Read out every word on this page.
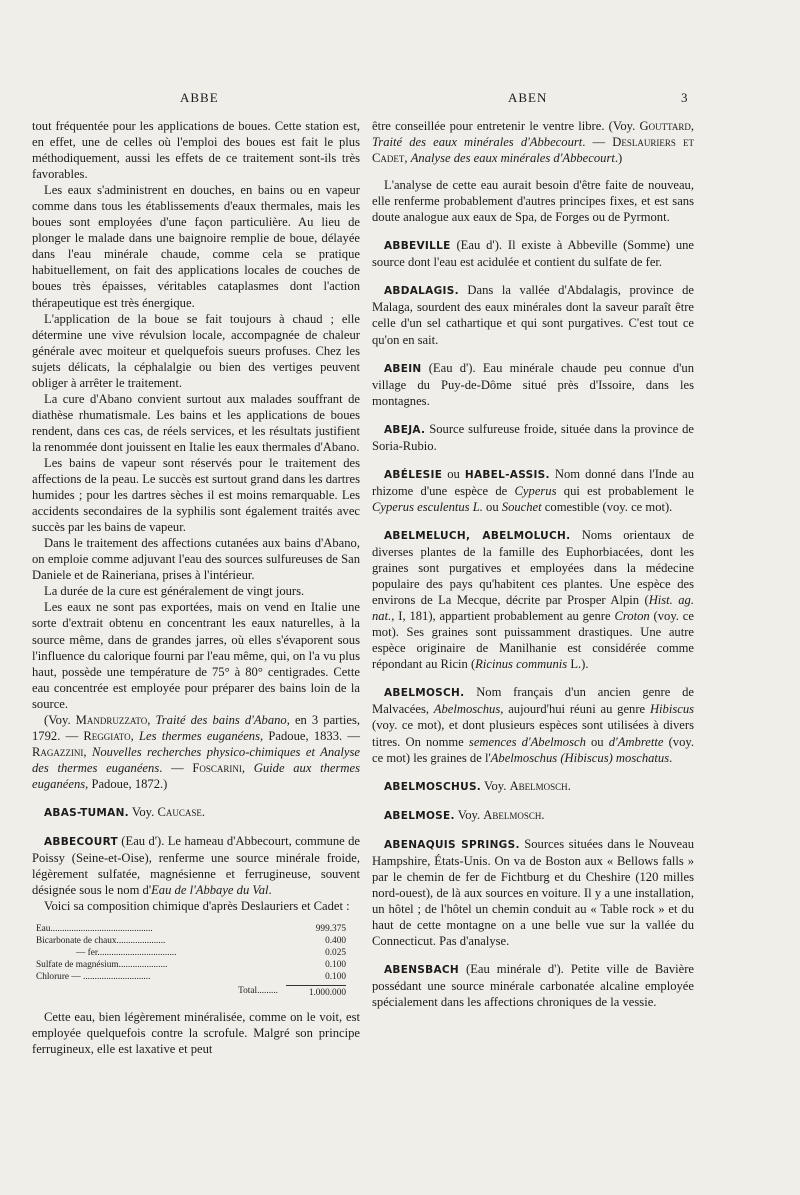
ABBE	ABEN	3

tout fréquentée pour les applications de boues. Cette station est, en effet, une de celles où l'emploi des boues est fait le plus méthodiquement, aussi les effets de ce traitement sont-ils très favorables.

Les eaux s'administrent en douches, en bains ou en vapeur comme dans tous les établissements d'eaux thermales, mais les boues sont employées d'une façon particulière. Au lieu de plonger le malade dans une baignoire remplie de boue, délayée dans l'eau minérale chaude, comme cela se pratique habituellement, on fait des applications locales de couches de boues très épaisses, véritables cataplasmes dont l'action thérapeutique est très énergique.

L'application de la boue se fait toujours à chaud ; elle détermine une vive révulsion locale, accompagnée de chaleur générale avec moiteur et quelquefois sueurs profuses. Chez les sujets délicats, la céphalalgie ou bien des vertiges peuvent obliger à arrêter le traitement.

La cure d'Abano convient surtout aux malades souffrant de diathèse rhumatismale. Les bains et les applications de boues rendent, dans ces cas, de réels services, et les résultats justifient la renommée dont jouissent en Italie les eaux thermales d'Abano.

Les bains de vapeur sont réservés pour le traitement des affections de la peau. Le succès est surtout grand dans les dartres humides ; pour les dartres sèches il est moins remarquable. Les accidents secondaires de la syphilis sont également traités avec succès par les bains de vapeur.

Dans le traitement des affections cutanées aux bains d'Abano, on emploie comme adjuvant l'eau des sources sulfureuses de San Daniele et de Raineriana, prises à l'intérieur.

La durée de la cure est généralement de vingt jours.

Les eaux ne sont pas exportées, mais on vend en Italie une sorte d'extrait obtenu en concentrant les eaux naturelles, à la source même, dans de grandes jarres, où elles s'évaporent sous l'influence du calorique fourni par l'eau même, qui, on l'a vu plus haut, possède une température de 75° à 80° centigrades. Cette eau concentrée est employée pour préparer des bains loin de la source.

(Voy. Mandruzzato, Traité des bains d'Abano, en 3 parties, 1792. — Reggiato, Les thermes euganéens, Padoue, 1833. — Ragazzini, Nouvelles recherches physico-chimiques et Analyse des thermes euganéens. — Foscarini, Guide aux thermes euganéens, Padoue, 1872.)

ABAS-TUMAN. Voy. Caucase.

ABBECOURT (Eau d'). Le hameau d'Abbecourt, commune de Poissy (Seine-et-Oise), renferme une source minérale froide, légèrement sulfatée, magnésienne et ferrugineuse, souvent désignée sous le nom d'Eau de l'Abbaye du Val.

Voici sa composition chimique d'après Deslauriers et Cadet :

Eau............................................	999.375
Bicarbonate de chaux.....................	0.400
— fer..................................	0.025
Sulfate de magnésium.....................	0.100
Chlorure — .............................	0.100
Total.........	1.000.000

Cette eau, bien légèrement minéralisée, comme on le voit, est employée quelquefois contre la scrofule. Malgré son principe ferrugineux, elle est laxative et peut

être conseillée pour entretenir le ventre libre. (Voy. Gouttard, Traité des eaux minérales d'Abbecourt. — Deslauriers et Cadet, Analyse des eaux minérales d'Abbecourt.)

L'analyse de cette eau aurait besoin d'être faite de nouveau, elle renferme probablement d'autres principes fixes, et est sans doute analogue aux eaux de Spa, de Forges ou de Pyrmont.

ABBEVILLE (Eau d'). Il existe à Abbeville (Somme) une source dont l'eau est acidulée et contient du sulfate de fer.

ABDALAGIS. Dans la vallée d'Abdalagis, province de Malaga, sourdent des eaux minérales dont la saveur paraît être celle d'un sel cathartique et qui sont purgatives. C'est tout ce qu'on en sait.

ABEIN (Eau d'). Eau minérale chaude peu connue d'un village du Puy-de-Dôme situé près d'Issoire, dans les montagnes.

ABEJA. Source sulfureuse froide, située dans la province de Soria-Rubio.

ABÉLESIE ou HABEL-ASSIS. Nom donné dans l'Inde au rhizome d'une espèce de Cyperus qui est probablement le Cyperus esculentus L. ou Souchet comestible (voy. ce mot).

ABELMELUCH, ABELMOLUCH. Noms orientaux de diverses plantes de la famille des Euphorbiacées, dont les graines sont purgatives et employées dans la médecine populaire des pays qu'habitent ces plantes. Une espèce des environs de La Mecque, décrite par Prosper Alpin (Hist. ag. nat., I, 181), appartient probablement au genre Croton (voy. ce mot). Ses graines sont puissamment drastiques. Une autre espèce originaire de Manilhanie est considérée comme répondant au Ricin (Ricinus communis L.).

ABELMOSCH. Nom français d'un ancien genre de Malvacées, Abelmoschus, aujourd'hui réuni au genre Hibiscus (voy. ce mot), et dont plusieurs espèces sont utilisées à divers titres. On nomme semences d'Abelmosch ou d'Ambrette (voy. ce mot) les graines de l'Abelmoschus (Hibiscus) moschatus.

ABELMOSCHUS. Voy. Abelmosch.

ABELMOSE. Voy. Abelmosch.

ABENAQUIS SPRINGS. Sources situées dans le Nouveau Hampshire, États-Unis. On va de Boston aux « Bellows falls » par le chemin de fer de Fichtburg et du Cheshire (120 milles nord-ouest), de là aux sources en voiture. Il y a une installation, un hôtel ; de l'hôtel un chemin conduit au « Table rock » et du haut de cette montagne on a une belle vue sur la vallée du Connecticut. Pas d'analyse.

ABENSBACH (Eau minérale d'). Petite ville de Bavière possédant une source minérale carbonatée alcaline employée spécialement dans les affections chroniques de la vessie.
